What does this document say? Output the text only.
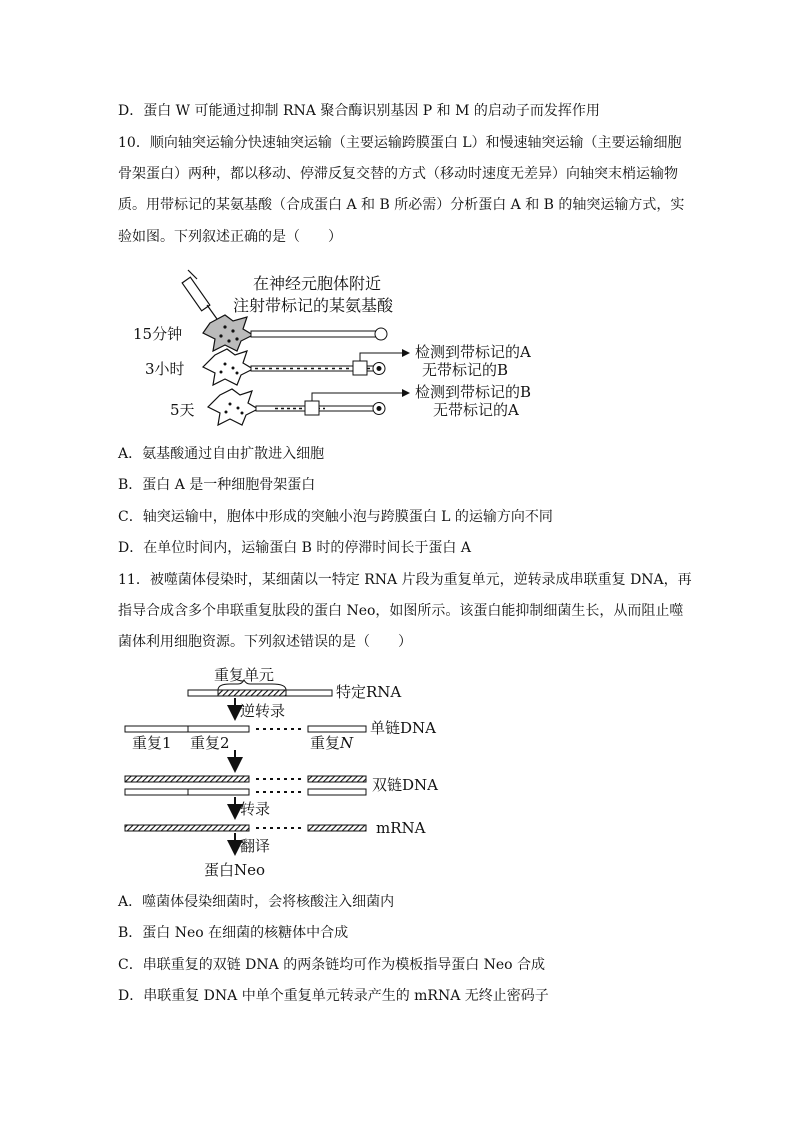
D．蛋白 W 可能通过抑制 RNA 聚合酶识别基因 P 和 M 的启动子而发挥作用
10．顺向轴突运输分快速轴突运输（主要运输跨膜蛋白 L）和慢速轴突运输（主要运输细胞
骨架蛋白）两种，都以移动、停滞反复交替的方式（移动时速度无差异）向轴突末梢运输物
质。用带标记的某氨基酸（合成蛋白 A 和 B 所必需）分析蛋白 A 和 B 的轴突运输方式，实
验如图。下列叙述正确的是（　　）
在神经元胞体附近
注射带标记的某氨基酸
15分钟
3小时
5天
检测到带标记的A
无带标记的B
检测到带标记的B
无带标记的A
A．氨基酸通过自由扩散进入细胞
B．蛋白 A 是一种细胞骨架蛋白
C．轴突运输中，胞体中形成的突触小泡与跨膜蛋白 L 的运输方向不同
D．在单位时间内，运输蛋白 B 时的停滞时间长于蛋白 A
11．被噬菌体侵染时，某细菌以一特定 RNA 片段为重复单元，逆转录成串联重复 DNA，再
指导合成含多个串联重复肽段的蛋白 Neo，如图所示。该蛋白能抑制细菌生长，从而阻止噬
菌体利用细胞资源。下列叙述错误的是（　　）
重复单元
特定RNA
逆转录
单链DNA
重复1 重复2	重复N
双链DNA
转录
mRNA
翻译
蛋白Neo
A．噬菌体侵染细菌时，会将核酸注入细菌内
B．蛋白 Neo 在细菌的核糖体中合成
C．串联重复的双链 DNA 的两条链均可作为模板指导蛋白 Neo 合成
D．串联重复 DNA 中单个重复单元转录产生的 mRNA 无终止密码子
